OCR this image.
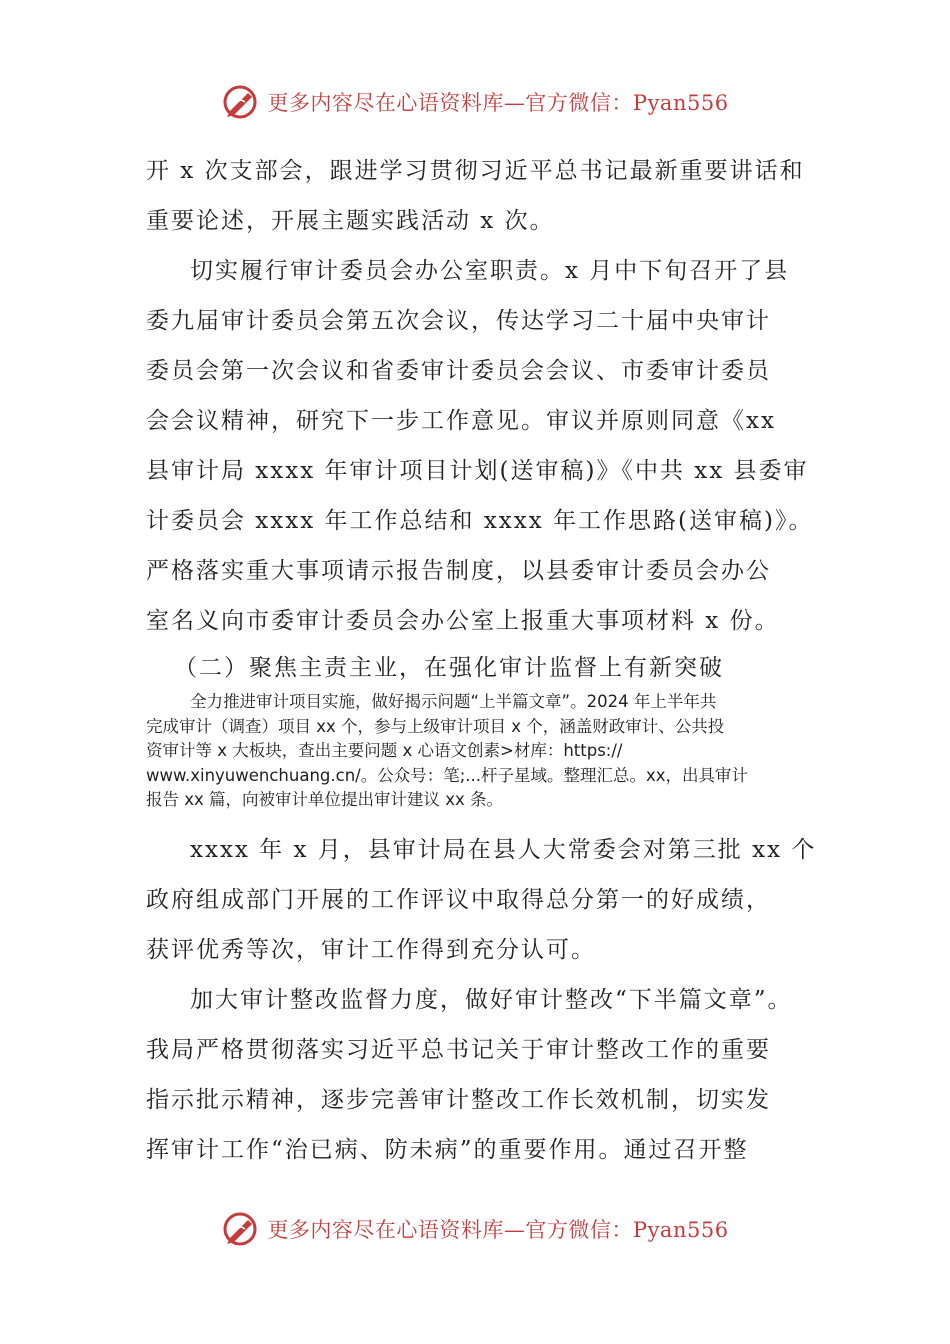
更多内容尽在心语资料库—官方微信：Pyan556
开 x 次支部会，跟进学习贯彻习近平总书记最新重要讲话和
重要论述，开展主题实践活动 x 次。
切实履行审计委员会办公室职责。x 月中下旬召开了县
委九届审计委员会第五次会议，传达学习二十届中央审计
委员会第一次会议和省委审计委员会会议、市委审计委员
会会议精神，研究下一步工作意见。审议并原则同意《xx
县审计局 xxxx 年审计项目计划(送审稿)》《中共 xx 县委审
计委员会 xxxx 年工作总结和 xxxx 年工作思路(送审稿)》。
严格落实重大事项请示报告制度，以县委审计委员会办公
室名义向市委审计委员会办公室上报重大事项材料 x 份。
（二）聚焦主责主业，在强化审计监督上有新突破
全力推进审计项目实施，做好揭示问题“上半篇文章”。2024 年上半年共
完成审计（调查）项目 xx 个，参与上级审计项目 x 个，涵盖财政审计、公共投
资审计等 x 大板块，查出主要问题 x 心语文创素>材库：https://
www.xinyuwenchuang.cn/。公众号：笔;...杆子星域。整理汇总。xx，出具审计
报告 xx 篇，向被审计单位提出审计建议 xx 条。
xxxx 年 x 月，县审计局在县人大常委会对第三批 xx 个
政府组成部门开展的工作评议中取得总分第一的好成绩，
获评优秀等次，审计工作得到充分认可。
加大审计整改监督力度，做好审计整改“下半篇文章”。
我局严格贯彻落实习近平总书记关于审计整改工作的重要
指示批示精神，逐步完善审计整改工作长效机制，切实发
挥审计工作“治已病、防未病”的重要作用。通过召开整
更多内容尽在心语资料库—官方微信：Pyan556
